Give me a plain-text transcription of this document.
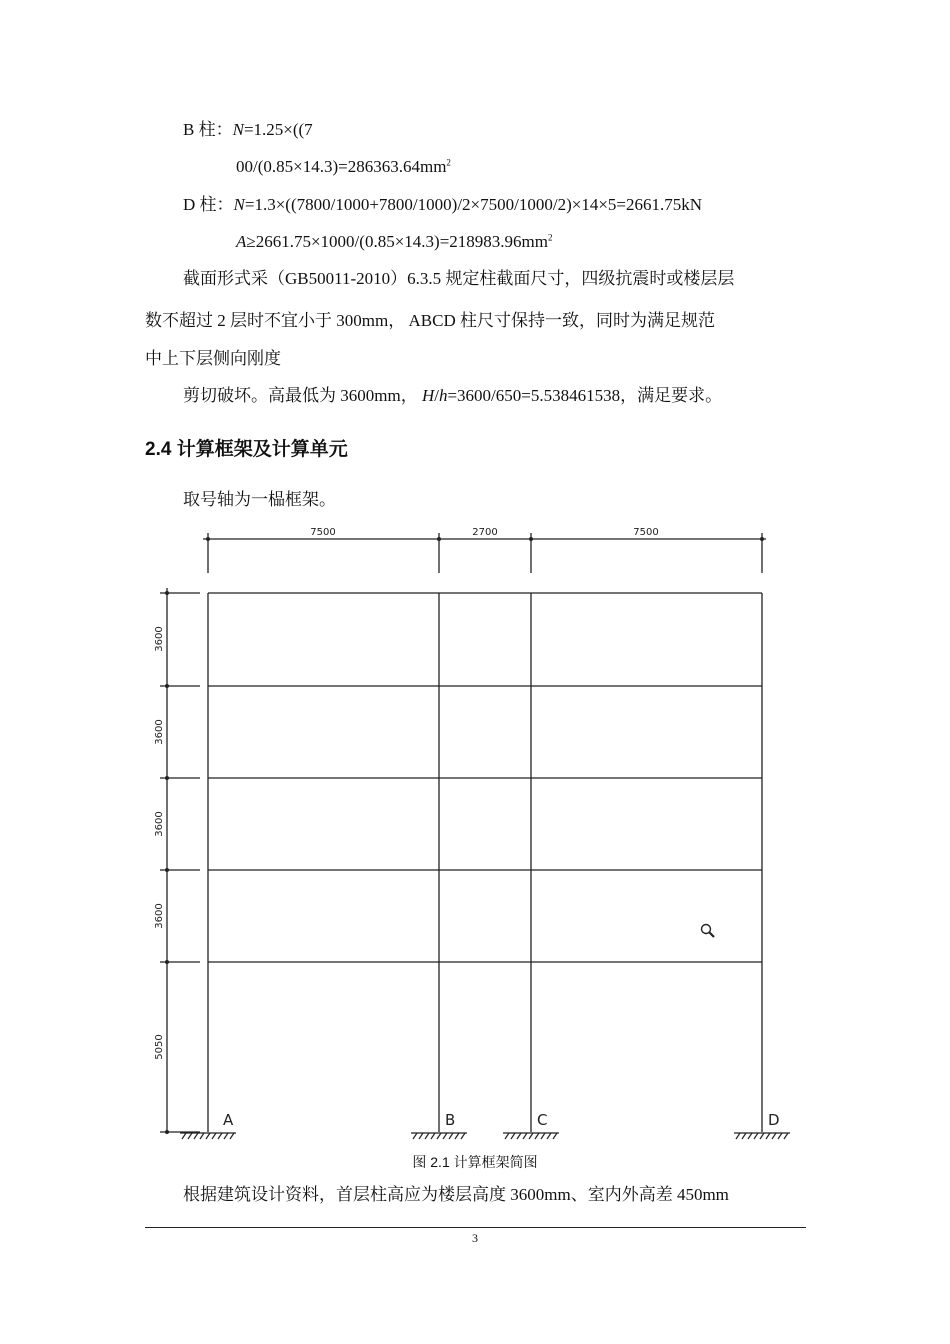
B 柱：N=1.25×((7
$00/(0.85\times 14.3)=286363.64mm^2$
D 柱：N=1.3×((7800/1000+7800/1000)/2×7500/1000/2)×14×5=2661.75kN
$A\ge 2661.75\times 1000/(0.85\times 14.3)=218983.96mm^2$
截面形式采（GB50011-2010）6.3.5 规定柱截面尺寸，四级抗震时或楼层层
数不超过 2 层时不宜小于 300mm， ABCD 柱尺寸保持一致，同时为满足规范
中上下层侧向刚度
剪切破坏。高最低为 3600mm， H/h=3600/650=5.538461538，满足要求。
2.4 计算框架及计算单元
取号轴为一榀框架。
7500	2700	7500
3600
3600
3600
3600
5050
A	B	C	D
图 2.1 计算框架简图
根据建筑设计资料，首层柱高应为楼层高度 3600mm、室内外高差 450mm
3
